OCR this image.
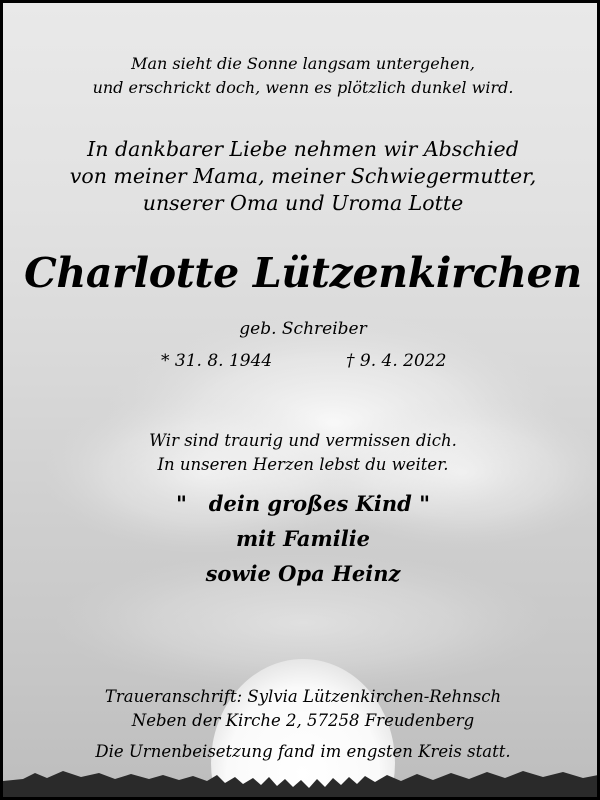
Man sieht die Sonne langsam untergehen,
und erschrickt doch, wenn es plötzlich dunkel wird.
In dankbarer Liebe nehmen wir Abschied
von meiner Mama, meiner Schwiegermutter,
unserer Oma und Uroma Lotte
Charlotte Lützenkirchen
geb. Schreiber
* 31. 8. 1944	† 9. 4. 2022
Wir sind traurig und vermissen dich.
In unseren Herzen lebst du weiter.
"   dein großes Kind "
mit Familie
sowie Opa Heinz
Traueranschrift: Sylvia Lützenkirchen-Rehnsch
Neben der Kirche 2, 57258 Freudenberg
Die Urnenbeisetzung fand im engsten Kreis statt.
